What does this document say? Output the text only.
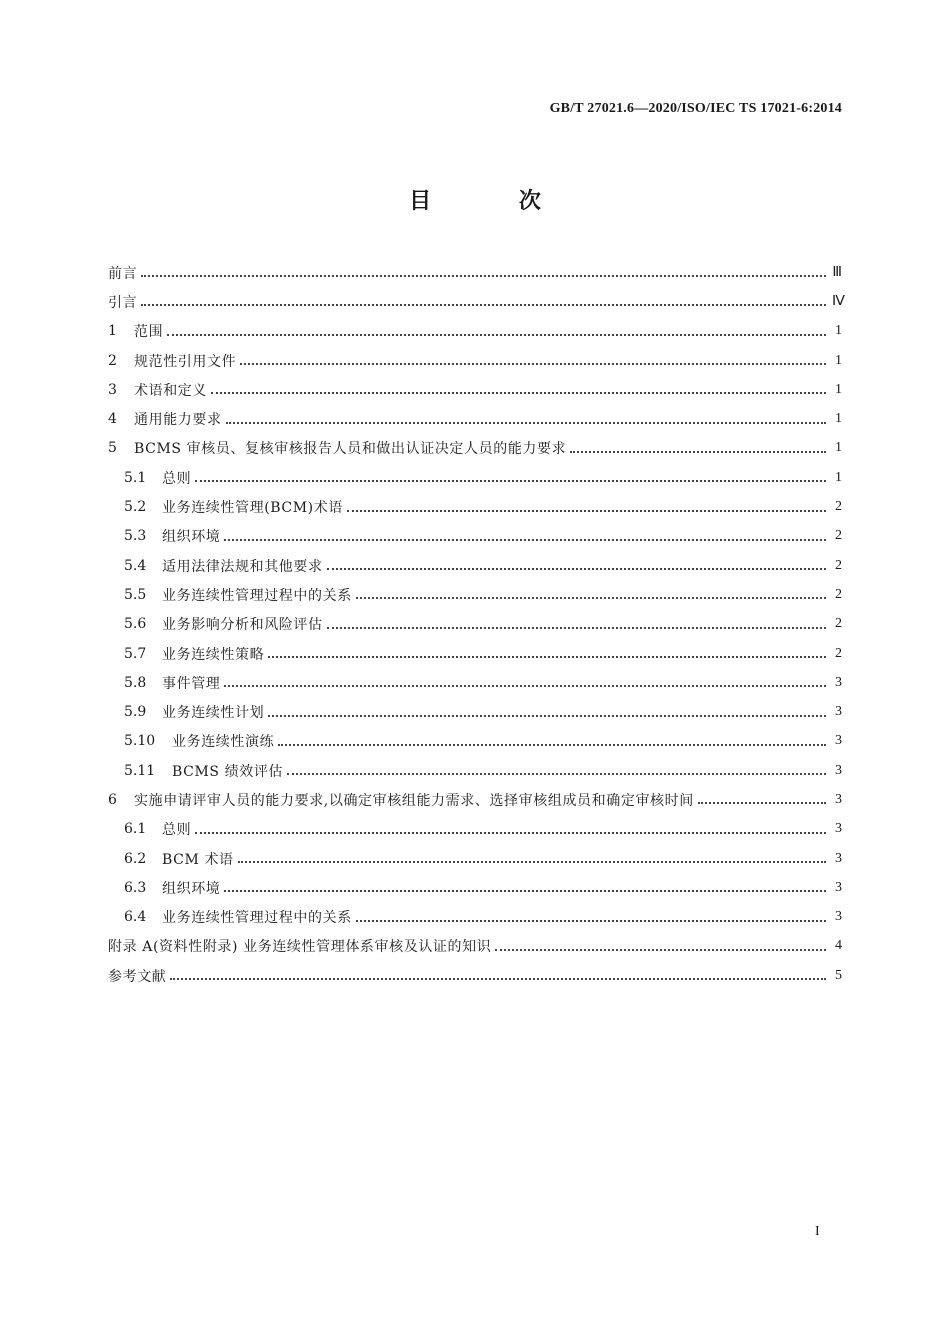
GB/T 27021.6—2020/ISO/IEC TS 17021-6:2014
目 次
前言	Ⅲ
引言	Ⅳ
1	范围	1
2	规范性引用文件	1
3	术语和定义	1
4	通用能力要求	1
5	BCMS 审核员、复核审核报告人员和做出认证决定人员的能力要求	1
5.1	总则	1
5.2	业务连续性管理(BCM)术语	2
5.3	组织环境	2
5.4	适用法律法规和其他要求	2
5.5	业务连续性管理过程中的关系	2
5.6	业务影响分析和风险评估	2
5.7	业务连续性策略	2
5.8	事件管理	3
5.9	业务连续性计划	3
5.10	业务连续性演练	3
5.11	BCMS 绩效评估	3
6	实施申请评审人员的能力要求,以确定审核组能力需求、选择审核组成员和确定审核时间	3
6.1	总则	3
6.2	BCM 术语	3
6.3	组织环境	3
6.4	业务连续性管理过程中的关系	3
附录 A(资料性附录) 业务连续性管理体系审核及认证的知识	4
参考文献	5
I
